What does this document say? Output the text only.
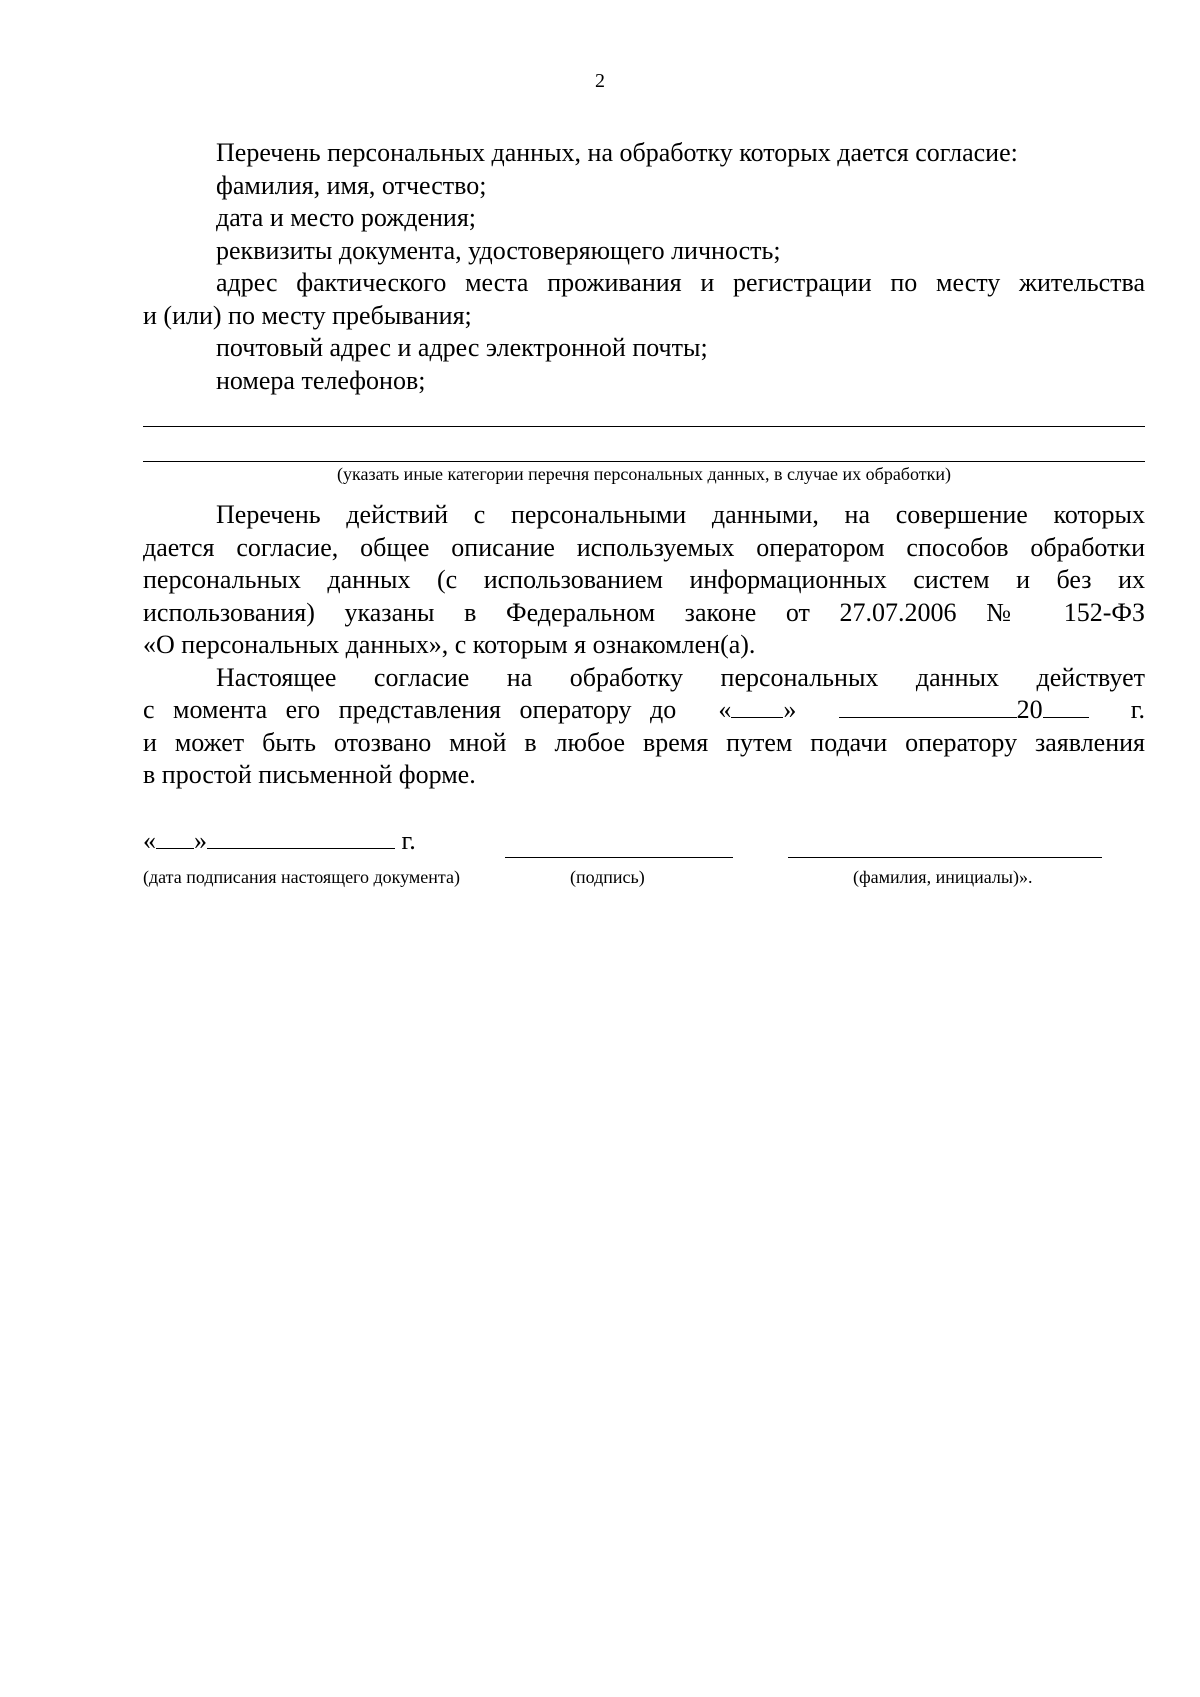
2

Перечень персональных данных, на обработку которых дается согласие:

фамилия, имя, отчество;

дата и место рождения;

реквизиты документа, удостоверяющего личность;

адрес фактического места проживания и регистрации по месту жительства

и (или) по месту пребывания;

почтовый адрес и адрес электронной почты;

номера телефонов;

(указать иные категории перечня персональных данных, в случае их обработки)

Перечень действий с персональными данными, на совершение которых

дается согласие, общее описание используемых оператором способов обработки

персональных данных (с использованием информационных систем и без их

использования) указаны в Федеральном законе от 27.07.2006 № 152-ФЗ

«О персональных данных», с которым я ознакомлен(а).

Настоящее согласие на обработку персональных данных действует

с момента его представления оператору до « »	20	г.

и может быть отозвано мной в любое время путем подачи оператору заявления

в простой письменной форме.

« »	г.
(дата подписания настоящего документа)	(подпись)	(фамилия, инициалы)».
